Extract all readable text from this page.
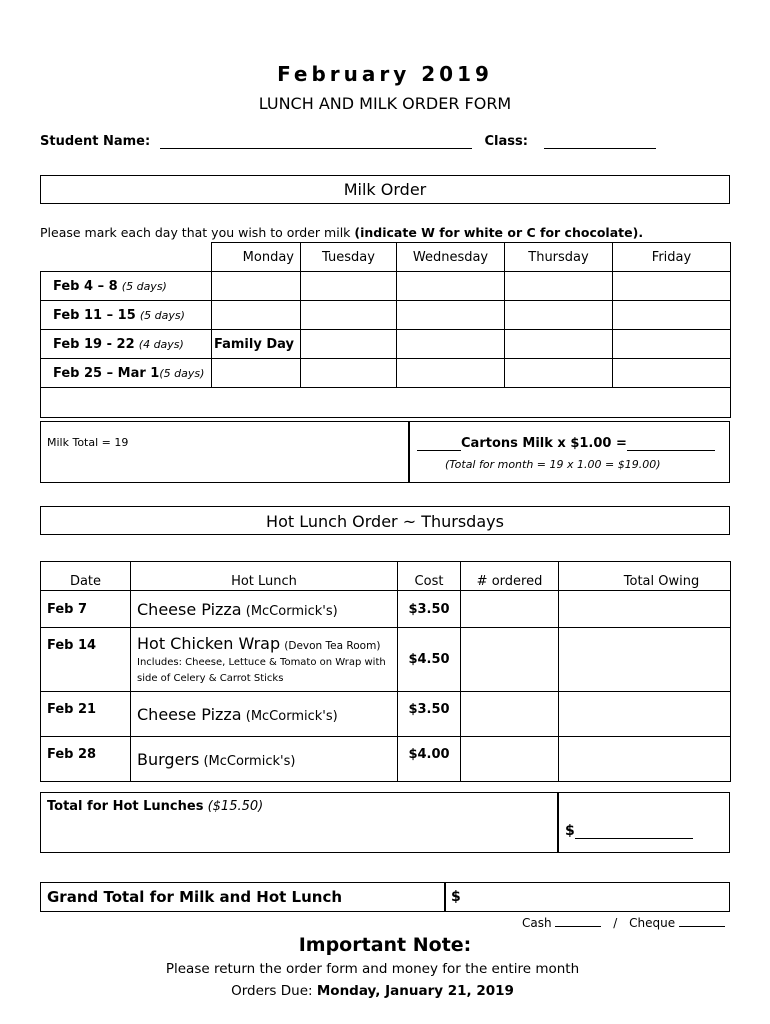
February 2019
LUNCH AND MILK ORDER FORM
Student Name:	Class:
Milk Order
Please mark each day that you wish to order milk (indicate W for white or C for chocolate).
	Monday	Tuesday	Wednesday	Thursday	Friday
Feb 4 – 8 (5 days)					
Feb 11 – 15 (5 days)					
Feb 19 - 22 (4 days)	Family Day				
Feb 25 – Mar 1(5 days)					

Milk Total = 19	Cartons Milk x $1.00 =
(Total for month = 19 x 1.00 = $19.00)
Hot Lunch Order ~ Thursdays
Date	Hot Lunch	Cost	# ordered	Total Owing
Feb 7	Cheese Pizza (McCormick's)	$3.50		
Feb 14	Hot Chicken Wrap (Devon Tea Room)
Includes: Cheese, Lettuce & Tomato on Wrap with side of Celery & Carrot Sticks	$4.50		
Feb 21	Cheese Pizza (McCormick's)	$3.50		
Feb 28	Burgers (McCormick's)	$4.00		
Total for Hot Lunches ($15.50)
$
Grand Total for Milk and Hot Lunch	$
Cash	/ Cheque
Important Note:
Please return the order form and money for the entire month
Orders Due: Monday, January 21, 2019
